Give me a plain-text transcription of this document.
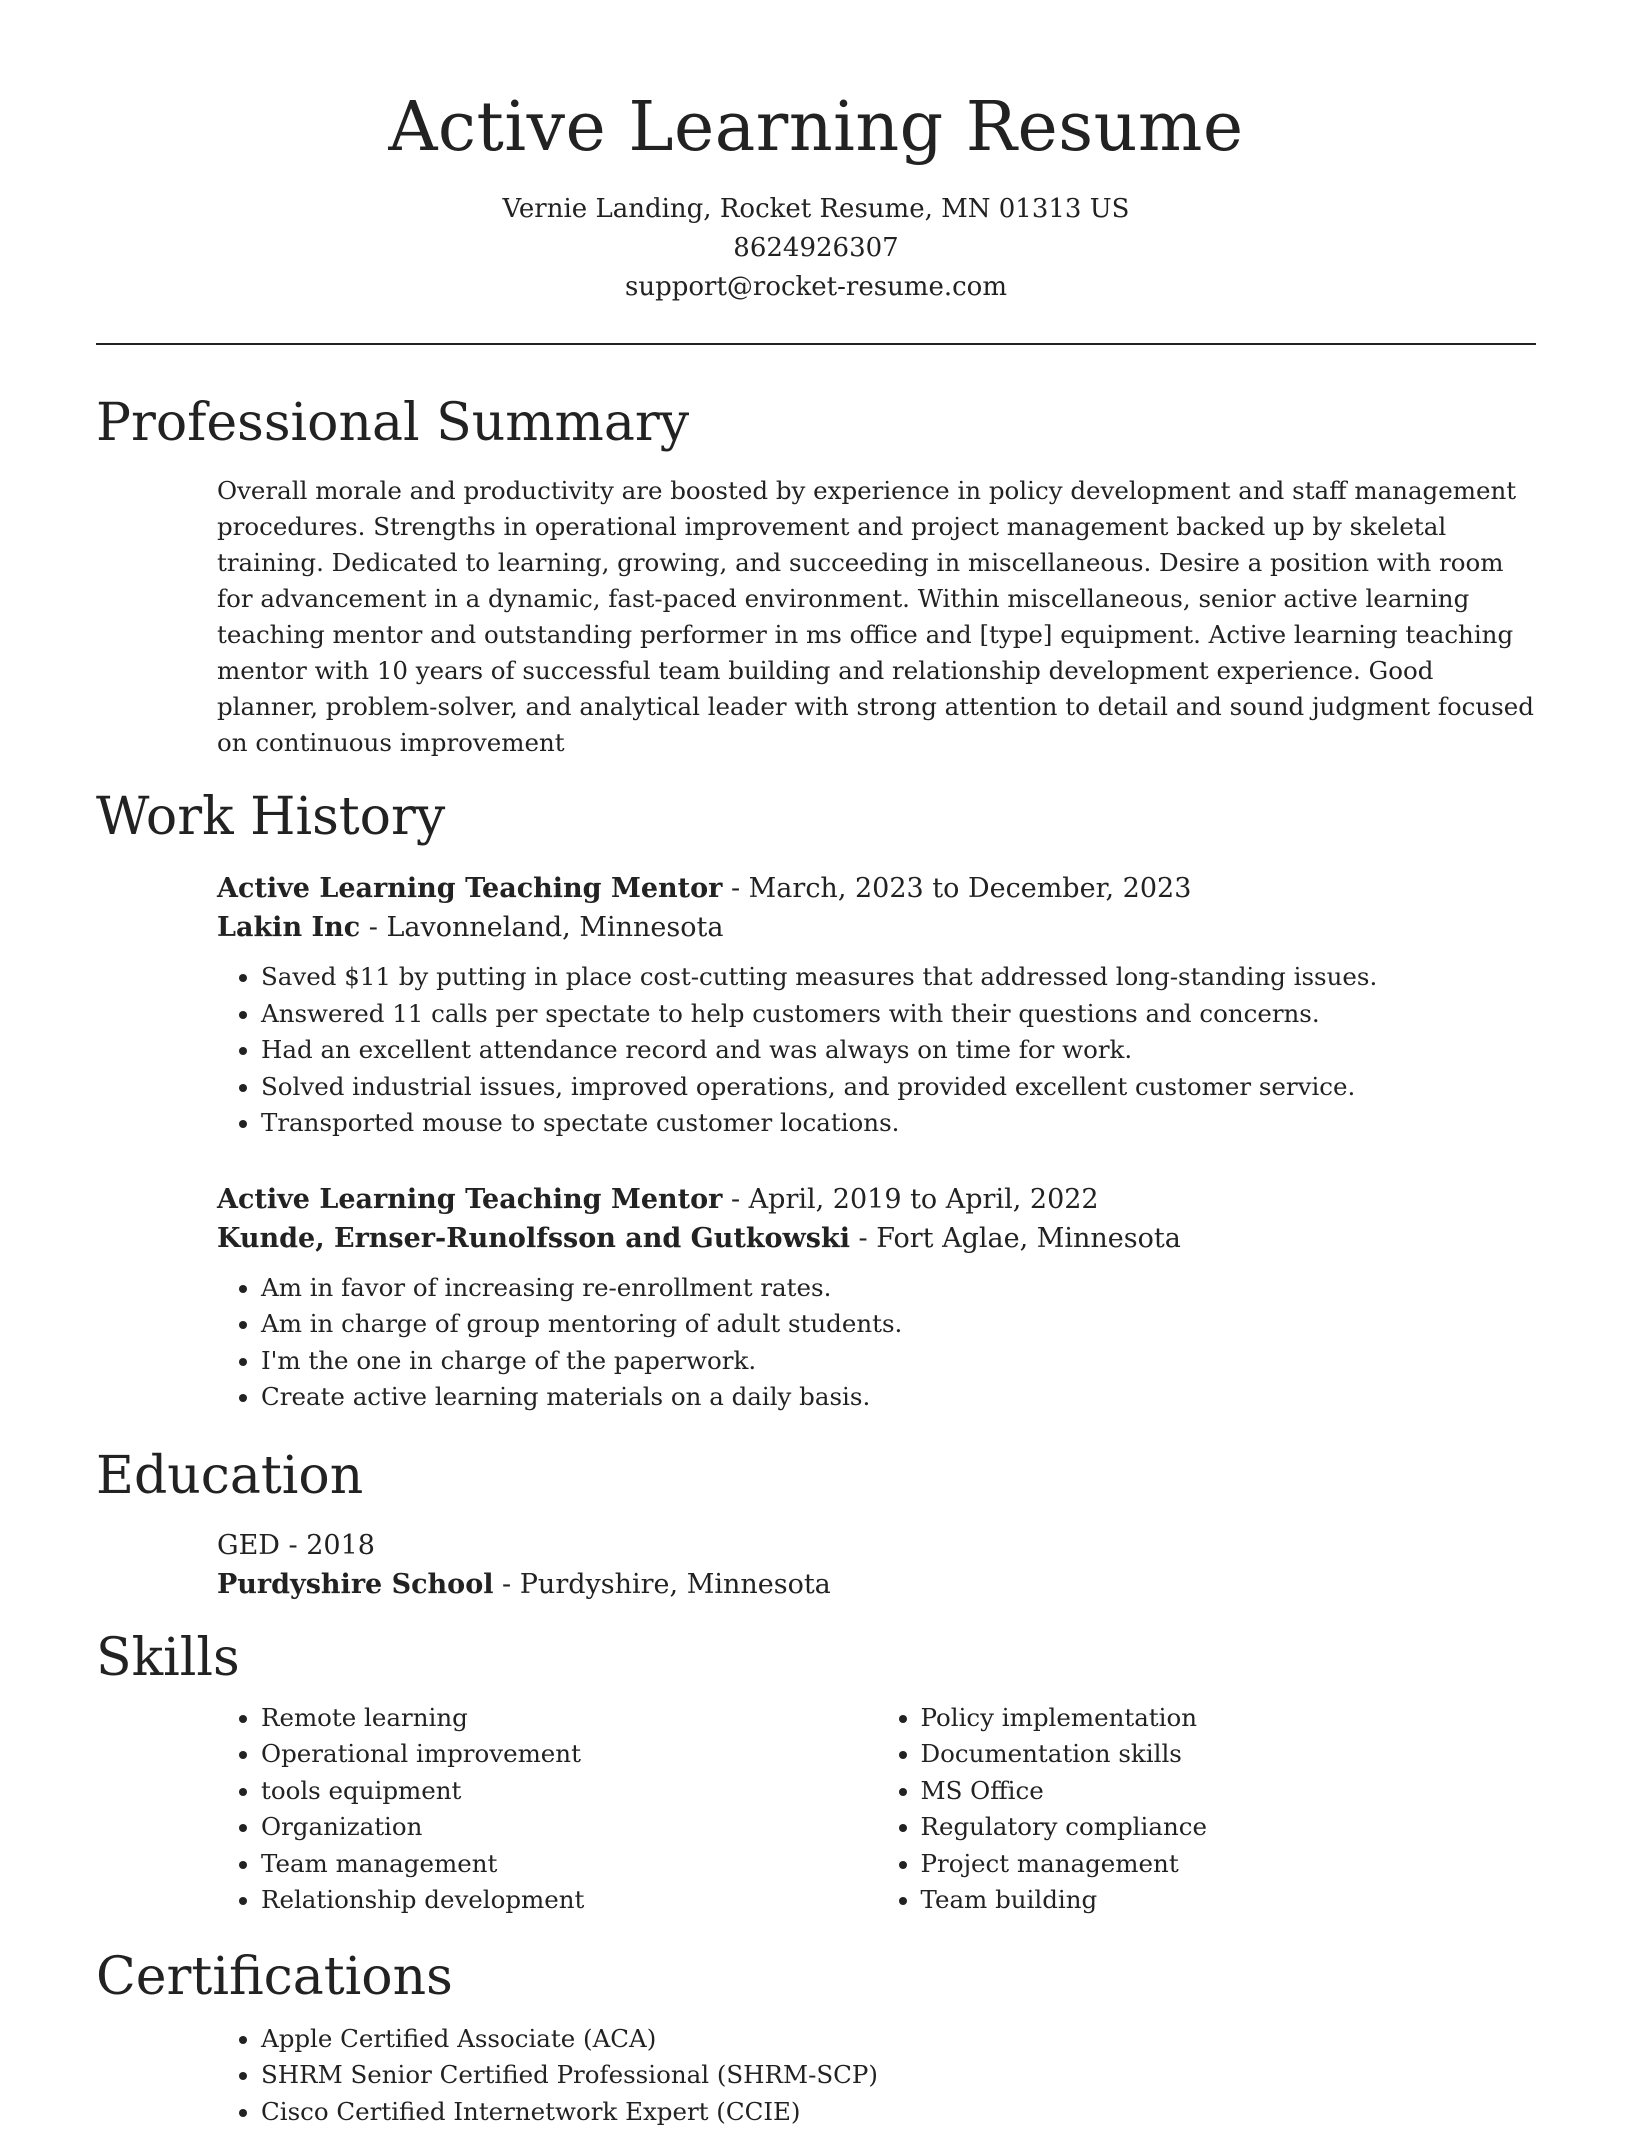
Active Learning Resume
Vernie Landing, Rocket Resume, MN 01313 US
8624926307
support@rocket-resume.com
Professional Summary
Overall morale and productivity are boosted by experience in policy development and staff management procedures. Strengths in operational improvement and project management backed up by skeletal training. Dedicated to learning, growing, and succeeding in miscellaneous. Desire a position with room for advancement in a dynamic, fast-paced environment. Within miscellaneous, senior active learning teaching mentor and outstanding performer in ms office and [type] equipment. Active learning teaching mentor with 10 years of successful team building and relationship development experience. Good planner, problem-solver, and analytical leader with strong attention to detail and sound judgment focused on continuous improvement
Work History
Active Learning Teaching Mentor - March, 2023 to December, 2023
Lakin Inc - Lavonneland, Minnesota
• Saved $11 by putting in place cost-cutting measures that addressed long-standing issues.
• Answered 11 calls per spectate to help customers with their questions and concerns.
• Had an excellent attendance record and was always on time for work.
• Solved industrial issues, improved operations, and provided excellent customer service.
• Transported mouse to spectate customer locations.
Active Learning Teaching Mentor - April, 2019 to April, 2022
Kunde, Ernser-Runolfsson and Gutkowski - Fort Aglae, Minnesota
• Am in favor of increasing re-enrollment rates.
• Am in charge of group mentoring of adult students.
• I'm the one in charge of the paperwork.
• Create active learning materials on a daily basis.
Education
GED - 2018
Purdyshire School - Purdyshire, Minnesota
Skills
• Remote learning
• Operational improvement
• tools equipment
• Organization
• Team management
• Relationship development
• Policy implementation
• Documentation skills
• MS Office
• Regulatory compliance
• Project management
• Team building
Certifications
• Apple Certified Associate (ACA)
• SHRM Senior Certified Professional (SHRM-SCP)
• Cisco Certified Internetwork Expert (CCIE)
